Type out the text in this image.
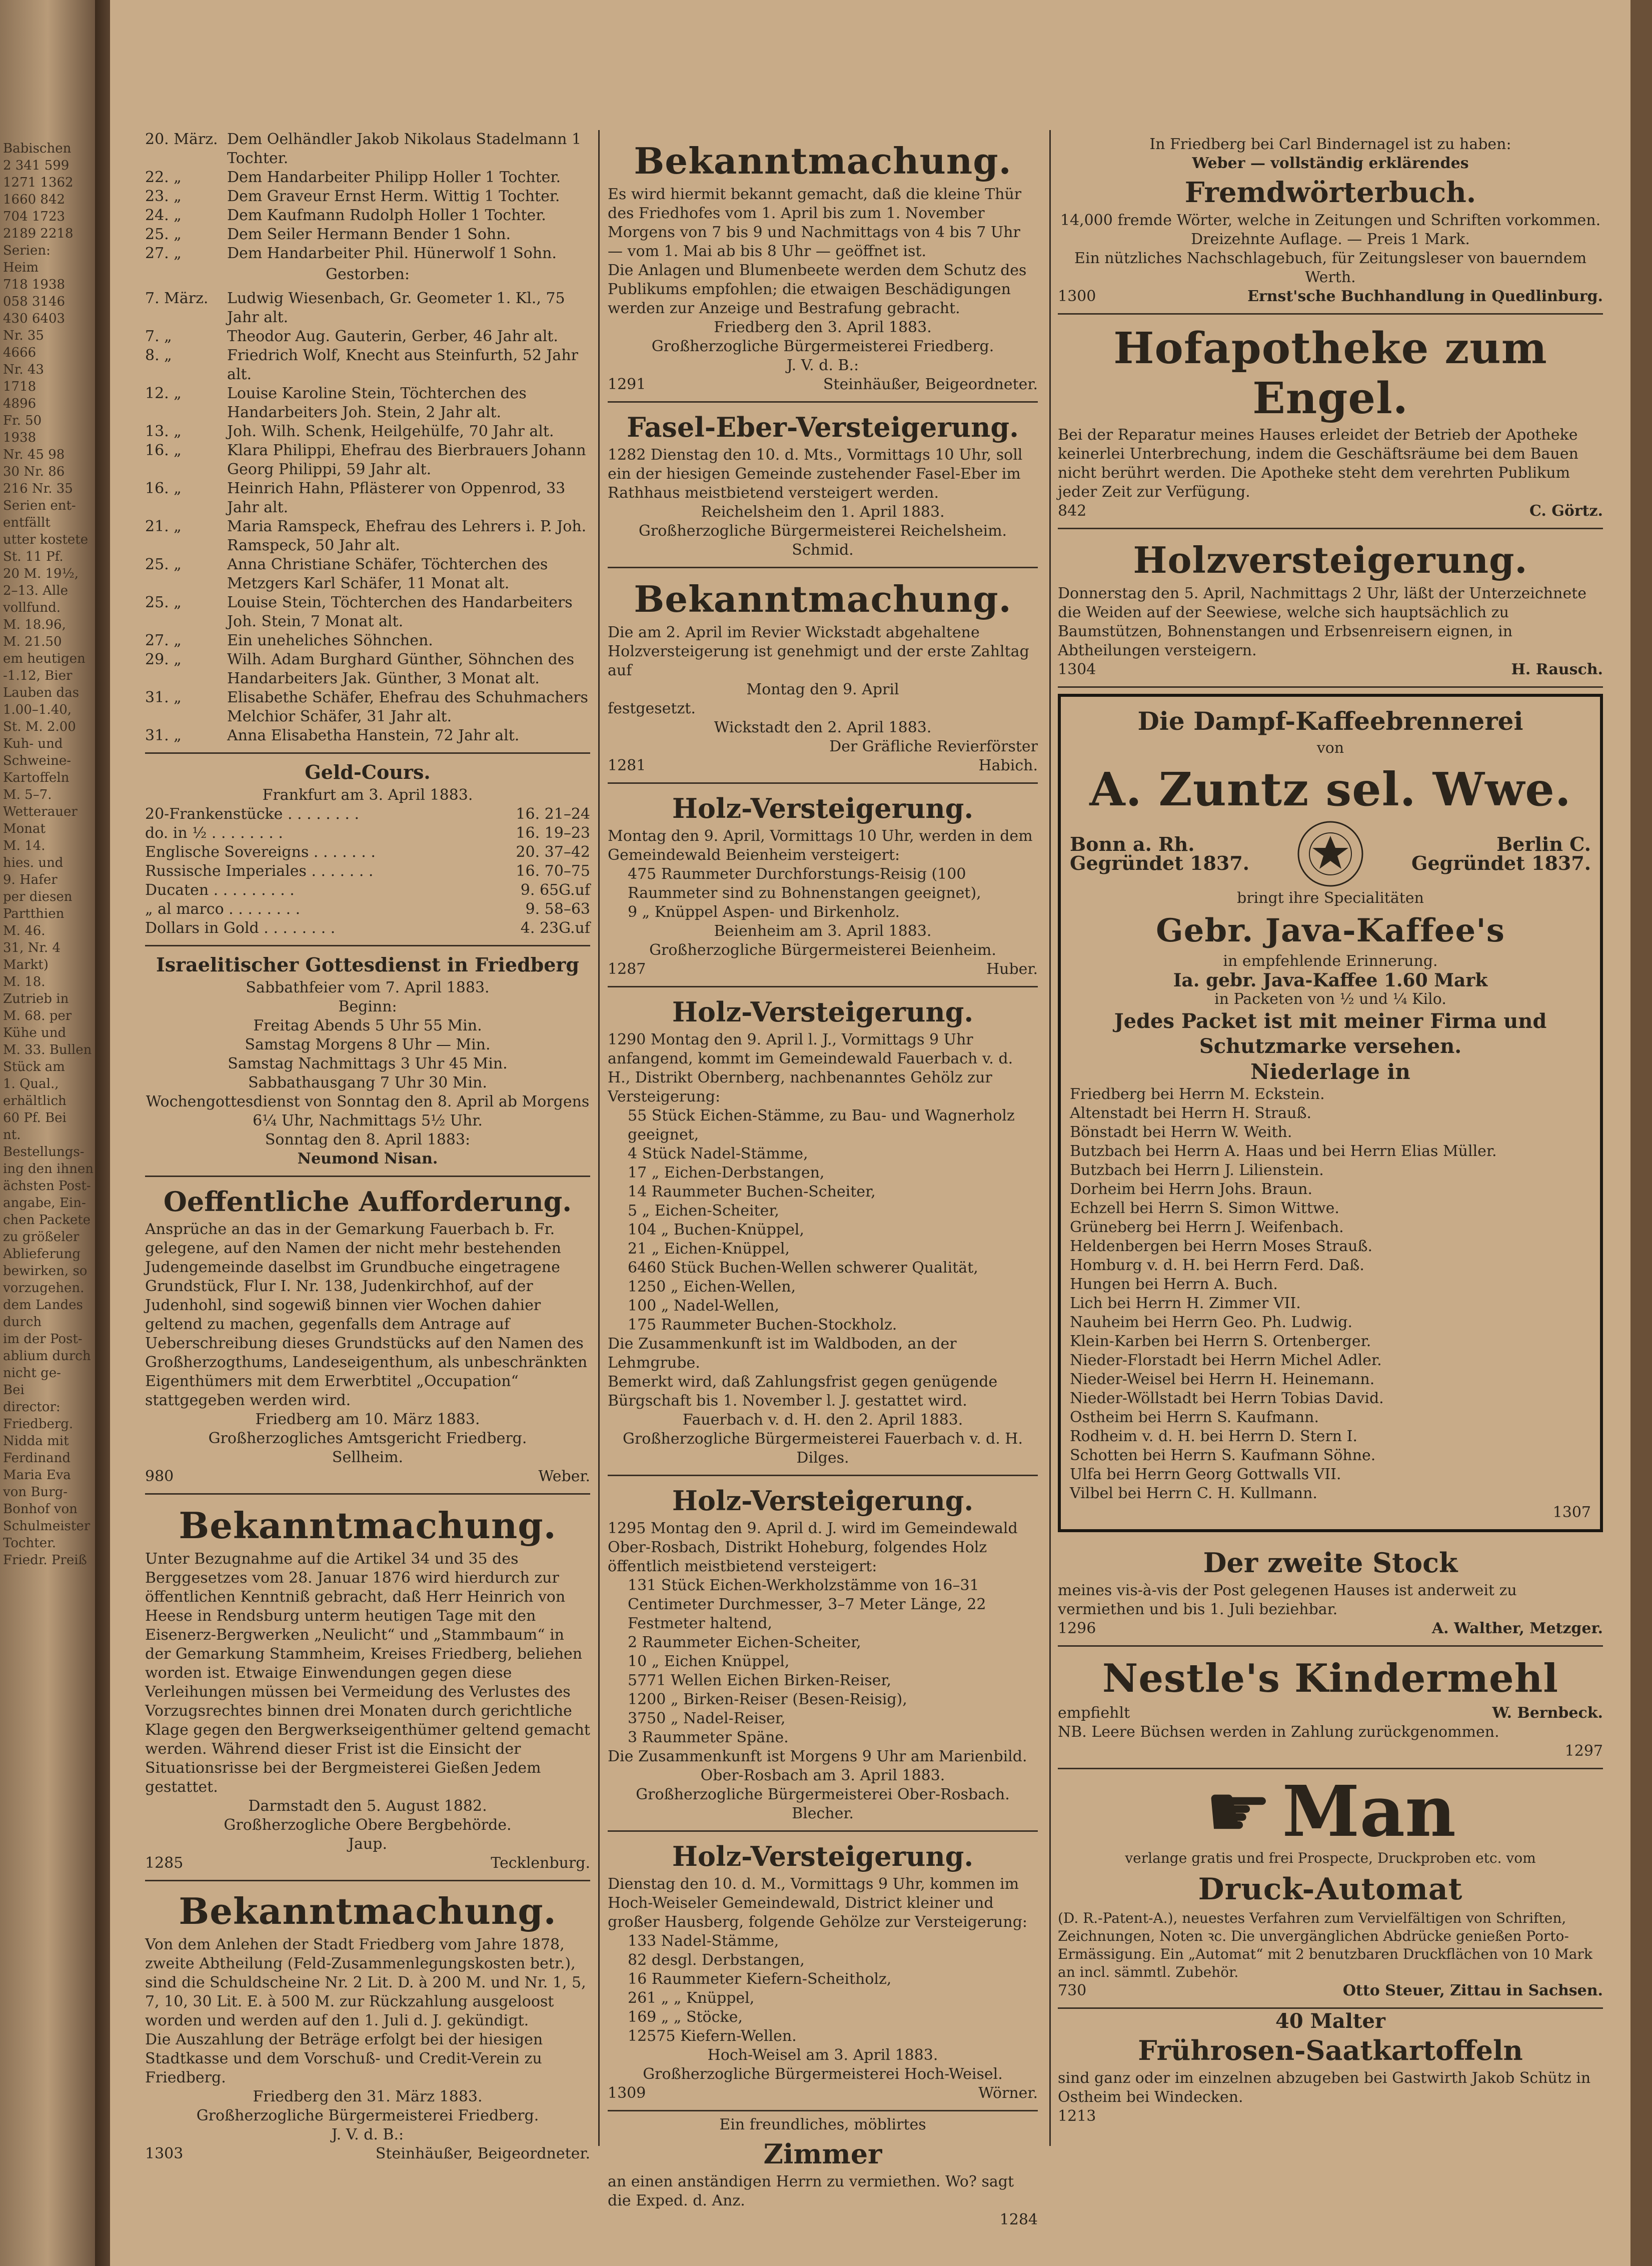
Babischen
2 341 599
1271 1362
1660 842
704 1723
2189 2218
Serien:
Heim
718 1938
058 3146
430 6403
Nr. 35
4666
Nr. 43
1718
4896
Fr. 50
1938
Nr. 45 98
30 Nr. 86
216 Nr. 35
Serien ent-
entfällt
utter kostete
St. 11 Pf.
20 M. 19½,
2–13. Alle
vollfund.
M. 18.96,
M. 21.50
em heutigen
-1.12, Bier
Lauben das
1.00–1.40,
St. M. 2.00
Kuh- und
Schweine-
Kartoffeln
M. 5–7.
Wetterauer
Monat
M. 14.
hies. und
9. Hafer
per diesen
Partthien
M. 46.
31, Nr. 4
Markt)
M. 18.
Zutrieb in
M. 68. per
Kühe und
M. 33. Bullen
Stück am
1. Qual.,
erhältlich
60 Pf. Bei
nt.
Bestellungs-
ing den ihnen
ächsten Post-
angabe, Ein-
chen Packete
zu größeler
Ablieferung
bewirken, so
vorzugehen.
dem Landes
durch
im der Post-
ablium durch
nicht ge-
Bei
director:
Friedberg.
Nidda mit
Ferdinand
Maria Eva
von Burg-
Bonhof von
Schulmeister
Tochter.
Friedr. Preiß
20. März. Dem Oelhändler Jakob Nikolaus Stadelmann 1 Tochter.
22. „	Dem Handarbeiter Philipp Holler 1 Tochter.
23. „	Dem Graveur Ernst Herm. Wittig 1 Tochter.
24. „	Dem Kaufmann Rudolph Holler 1 Tochter.
25. „	Dem Seiler Hermann Bender 1 Sohn.
27. „	Dem Handarbeiter Phil. Hünerwolf 1 Sohn.

Gestorben:

7. März.	Ludwig Wiesenbach, Gr. Geometer 1. Kl., 75 Jahr alt.
7. „	Theodor Aug. Gauterin, Gerber, 46 Jahr alt.
8. „	Friedrich Wolf, Knecht aus Steinfurth, 52 Jahr alt.
12. „	Louise Karoline Stein, Töchterchen des Handarbeiters Joh. Stein, 2 Jahr alt.
13. „	Joh. Wilh. Schenk, Heilgehülfe, 70 Jahr alt.
16. „	Klara Philippi, Ehefrau des Bierbrauers Johann Georg Philippi, 59 Jahr alt.
16. „	Heinrich Hahn, Pflästerer von Oppenrod, 33 Jahr alt.
21. „	Maria Ramspeck, Ehefrau des Lehrers i. P. Joh. Ramspeck, 50 Jahr alt.
25. „	Anna Christiane Schäfer, Töchterchen des Metzgers Karl Schäfer, 11 Monat alt.
25. „	Louise Stein, Töchterchen des Handarbeiters Joh. Stein, 7 Monat alt.
27. „	Ein uneheliches Söhnchen.
29. „	Wilh. Adam Burghard Günther, Söhnchen des Handarbeiters Jak. Günther, 3 Monat alt.
31. „	Elisabethe Schäfer, Ehefrau des Schuhmachers Melchior Schäfer, 31 Jahr alt.
31. „	Anna Elisabetha Hanstein, 72 Jahr alt.

Geld-Cours.

Frankfurt am 3. April 1883.

20-Frankenstücke . . . . . . . .	16. 21–24
do. in ½ . . . . . . . .	16. 19–23
Englische Sovereigns . . . . . . .	20. 37–42
Russische Imperiales . . . . . . .	16. 70–75
Ducaten . . . . . . . . .	9. 65G.uf
„ al marco . . . . . . . .	9. 58–63
Dollars in Gold . . . . . . . .	4. 23G.uf

Israelitischer Gottesdienst in Friedberg

Sabbathfeier vom 7. April 1883.

Beginn:

Freitag Abends 5 Uhr 55 Min.

Samstag Morgens 8 Uhr — Min.

Samstag Nachmittags 3 Uhr 45 Min.

Sabbathausgang 7 Uhr 30 Min.

Wochengottesdienst von Sonntag den 8. April ab Morgens 6¼ Uhr, Nachmittags 5½ Uhr.

Sonntag den 8. April 1883:

Neumond Nisan.

Oeffentliche Aufforderung.

Ansprüche an das in der Gemarkung Fauerbach b. Fr. gelegene, auf den Namen der nicht mehr bestehenden Judengemeinde daselbst im Grundbuche eingetragene Grundstück, Flur I. Nr. 138, Judenkirchhof, auf der Judenhohl, sind sogewiß binnen vier Wochen dahier geltend zu machen, gegenfalls dem Antrage auf Ueberschreibung dieses Grundstücks auf den Namen des Großherzogthums, Landeseigenthum, als unbeschränkten Eigenthümers mit dem Erwerbtitel „Occupation“ stattgegeben werden wird.

Friedberg am 10. März 1883.

Großherzogliches Amtsgericht Friedberg.

Sellheim.

980	Weber.

Bekanntmachung.

Unter Bezugnahme auf die Artikel 34 und 35 des Berggesetzes vom 28. Januar 1876 wird hierdurch zur öffentlichen Kenntniß gebracht, daß Herr Heinrich von Heese in Rendsburg unterm heutigen Tage mit den Eisenerz-Bergwerken „Neulicht“ und „Stammbaum“ in der Gemarkung Stammheim, Kreises Friedberg, beliehen worden ist. Etwaige Einwendungen gegen diese Verleihungen müssen bei Vermeidung des Verlustes des Vorzugsrechtes binnen drei Monaten durch gerichtliche Klage gegen den Bergwerkseigenthümer geltend gemacht werden. Während dieser Frist ist die Einsicht der Situationsrisse bei der Bergmeisterei Gießen Jedem gestattet.

Darmstadt den 5. August 1882.

Großherzogliche Obere Bergbehörde.

Jaup.

1285	Tecklenburg.

Bekanntmachung.

Von dem Anlehen der Stadt Friedberg vom Jahre 1878, zweite Abtheilung (Feld-Zusammenlegungskosten betr.), sind die Schuldscheine Nr. 2 Lit. D. à 200 M. und Nr. 1, 5, 7, 10, 30 Lit. E. à 500 M. zur Rückzahlung ausgeloost worden und werden auf den 1. Juli d. J. gekündigt.

Die Auszahlung der Beträge erfolgt bei der hiesigen Stadtkasse und dem Vorschuß- und Credit-Verein zu Friedberg.

Friedberg den 31. März 1883.

Großherzogliche Bürgermeisterei Friedberg.

J. V. d. B.:

1303	Steinhäußer, Beigeordneter.

Bekanntmachung.

Es wird hiermit bekannt gemacht, daß die kleine Thür des Friedhofes vom 1. April bis zum 1. November Morgens von 7 bis 9 und Nachmittags von 4 bis 7 Uhr — vom 1. Mai ab bis 8 Uhr — geöffnet ist.

Die Anlagen und Blumenbeete werden dem Schutz des Publikums empfohlen; die etwaigen Beschädigungen werden zur Anzeige und Bestrafung gebracht.

Friedberg den 3. April 1883.

Großherzogliche Bürgermeisterei Friedberg.

J. V. d. B.:

1291	Steinhäußer, Beigeordneter.

Fasel-Eber-Versteigerung.

1282 Dienstag den 10. d. Mts., Vormittags 10 Uhr, soll ein der hiesigen Gemeinde zustehender Fasel-Eber im Rathhaus meistbietend versteigert werden.

Reichelsheim den 1. April 1883.

Großherzogliche Bürgermeisterei Reichelsheim.

Schmid.

Bekanntmachung.

Die am 2. April im Revier Wickstadt abgehaltene Holzversteigerung ist genehmigt und der erste Zahltag auf

Montag den 9. April

festgesetzt.

Wickstadt den 2. April 1883.

Der Gräfliche Revierförster

1281	Habich.

Holz-Versteigerung.

Montag den 9. April, Vormittags 10 Uhr, werden in dem Gemeindewald Beienheim versteigert:

475 Raummeter Durchforstungs-Reisig (100 Raummeter sind zu Bohnenstangen geeignet),

9 „ Knüppel Aspen- und Birkenholz.

Beienheim am 3. April 1883.

Großherzogliche Bürgermeisterei Beienheim.

1287	Huber.

Holz-Versteigerung.

1290 Montag den 9. April l. J., Vormittags 9 Uhr anfangend, kommt im Gemeindewald Fauerbach v. d. H., Distrikt Obernberg, nachbenanntes Gehölz zur Versteigerung:

55 Stück Eichen-Stämme, zu Bau- und Wagnerholz geeignet,

4 Stück Nadel-Stämme,

17 „ Eichen-Derbstangen,

14 Raummeter Buchen-Scheiter,

5 „ Eichen-Scheiter,

104 „ Buchen-Knüppel,

21 „ Eichen-Knüppel,

6460 Stück Buchen-Wellen schwerer Qualität,

1250 „ Eichen-Wellen,

100 „ Nadel-Wellen,

175 Raummeter Buchen-Stockholz.

Die Zusammenkunft ist im Waldboden, an der Lehmgrube.

Bemerkt wird, daß Zahlungsfrist gegen genügende Bürgschaft bis 1. November l. J. gestattet wird.

Fauerbach v. d. H. den 2. April 1883.

Großherzogliche Bürgermeisterei Fauerbach v. d. H.

Dilges.

Holz-Versteigerung.

1295 Montag den 9. April d. J. wird im Gemeindewald Ober-Rosbach, Distrikt Hoheburg, folgendes Holz öffentlich meistbietend versteigert:

131 Stück Eichen-Werkholzstämme von 16–31 Centimeter Durchmesser, 3–7 Meter Länge, 22 Festmeter haltend,

2 Raummeter Eichen-Scheiter,

10 „ Eichen Knüppel,

5771 Wellen Eichen Birken-Reiser,

1200 „ Birken-Reiser (Besen-Reisig),

3750 „ Nadel-Reiser,

3 Raummeter Späne.

Die Zusammenkunft ist Morgens 9 Uhr am Marienbild.

Ober-Rosbach am 3. April 1883.

Großherzogliche Bürgermeisterei Ober-Rosbach.

Blecher.

Holz-Versteigerung.

Dienstag den 10. d. M., Vormittags 9 Uhr, kommen im Hoch-Weiseler Gemeindewald, District kleiner und großer Hausberg, folgende Gehölze zur Versteigerung:

133 Nadel-Stämme,

82 desgl. Derbstangen,

16 Raummeter Kiefern-Scheitholz,

261 „ „ Knüppel,

169 „ „ Stöcke,

12575 Kiefern-Wellen.

Hoch-Weisel am 3. April 1883.

Großherzogliche Bürgermeisterei Hoch-Weisel.

1309	Wörner.

Ein freundliches, möblirtes

Zimmer

an einen anständigen Herrn zu vermiethen. Wo? sagt die Exped. d. Anz.

1284

In Friedberg bei Carl Bindernagel ist zu haben:

Weber — vollständig erklärendes

Fremdwörterbuch.

14,000 fremde Wörter, welche in Zeitungen und Schriften vorkommen.

Dreizehnte Auflage. — Preis 1 Mark.

Ein nützliches Nachschlagebuch, für Zeitungsleser von bauerndem Werth.

1300	Ernst'sche Buchhandlung in Quedlinburg.

Hofapotheke zum Engel.

Bei der Reparatur meines Hauses erleidet der Betrieb der Apotheke keinerlei Unterbrechung, indem die Geschäftsräume bei dem Bauen nicht berührt werden. Die Apotheke steht dem verehrten Publikum jeder Zeit zur Verfügung.

842	C. Görtz.

Holzversteigerung.

Donnerstag den 5. April, Nachmittags 2 Uhr, läßt der Unterzeichnete die Weiden auf der Seewiese, welche sich hauptsächlich zu Baumstützen, Bohnenstangen und Erbsenreisern eignen, in Abtheilungen versteigern.

1304	H. Rausch.

Die Dampf-Kaffeebrennerei

von

A. Zuntz sel. Wwe.

Bonn a. Rh.

Gegründet 1837.

Berlin C.

Gegründet 1837.

bringt ihre Specialitäten

Gebr. Java-Kaffee's

in empfehlende Erinnerung.

Ia. gebr. Java-Kaffee 1.60 Mark

in Packeten von ½ und ¼ Kilo.

Jedes Packet ist mit meiner Firma und Schutzmarke versehen.

Niederlage in

Friedberg bei Herrn M. Eckstein.

Altenstadt bei Herrn H. Strauß.

Bönstadt bei Herrn W. Weith.

Butzbach bei Herrn A. Haas und bei Herrn Elias Müller.

Butzbach bei Herrn J. Lilienstein.

Dorheim bei Herrn Johs. Braun.

Echzell bei Herrn S. Simon Wittwe.

Grüneberg bei Herrn J. Weifenbach.

Heldenbergen bei Herrn Moses Strauß.

Homburg v. d. H. bei Herrn Ferd. Daß.

Hungen bei Herrn A. Buch.

Lich bei Herrn H. Zimmer VII.

Nauheim bei Herrn Geo. Ph. Ludwig.

Klein-Karben bei Herrn S. Ortenberger.

Nieder-Florstadt bei Herrn Michel Adler.

Nieder-Weisel bei Herrn H. Heinemann.

Nieder-Wöllstadt bei Herrn Tobias David.

Ostheim bei Herrn S. Kaufmann.

Rodheim v. d. H. bei Herrn D. Stern I.

Schotten bei Herrn S. Kaufmann Söhne.

Ulfa bei Herrn Georg Gottwalls VII.

Vilbel bei Herrn C. H. Kullmann.

1307

Der zweite Stock

meines vis-à-vis der Post gelegenen Hauses ist anderweit zu vermiethen und bis 1. Juli beziehbar.

1296	A. Walther, Metzger.

Nestle's Kindermehl

empfiehlt	W. Bernbeck.

NB. Leere Büchsen werden in Zahlung zurückgenommen.

1297

☛ Man

verlange gratis und frei Prospecte, Druckproben etc. vom

Druck-Automat

(D. R.-Patent-A.), neuestes Verfahren zum Vervielfältigen von Schriften, Zeichnungen, Noten ꝛc. Die unvergänglichen Abdrücke genießen Porto-Ermässigung. Ein „Automat“ mit 2 benutzbaren Druckflächen von 10 Mark an incl. sämmtl. Zubehör.

730	Otto Steuer, Zittau in Sachsen.

40 Malter

Frührosen-Saatkartoffeln

sind ganz oder im einzelnen abzugeben bei Gastwirth Jakob Schütz in Ostheim bei Windecken.

1213
